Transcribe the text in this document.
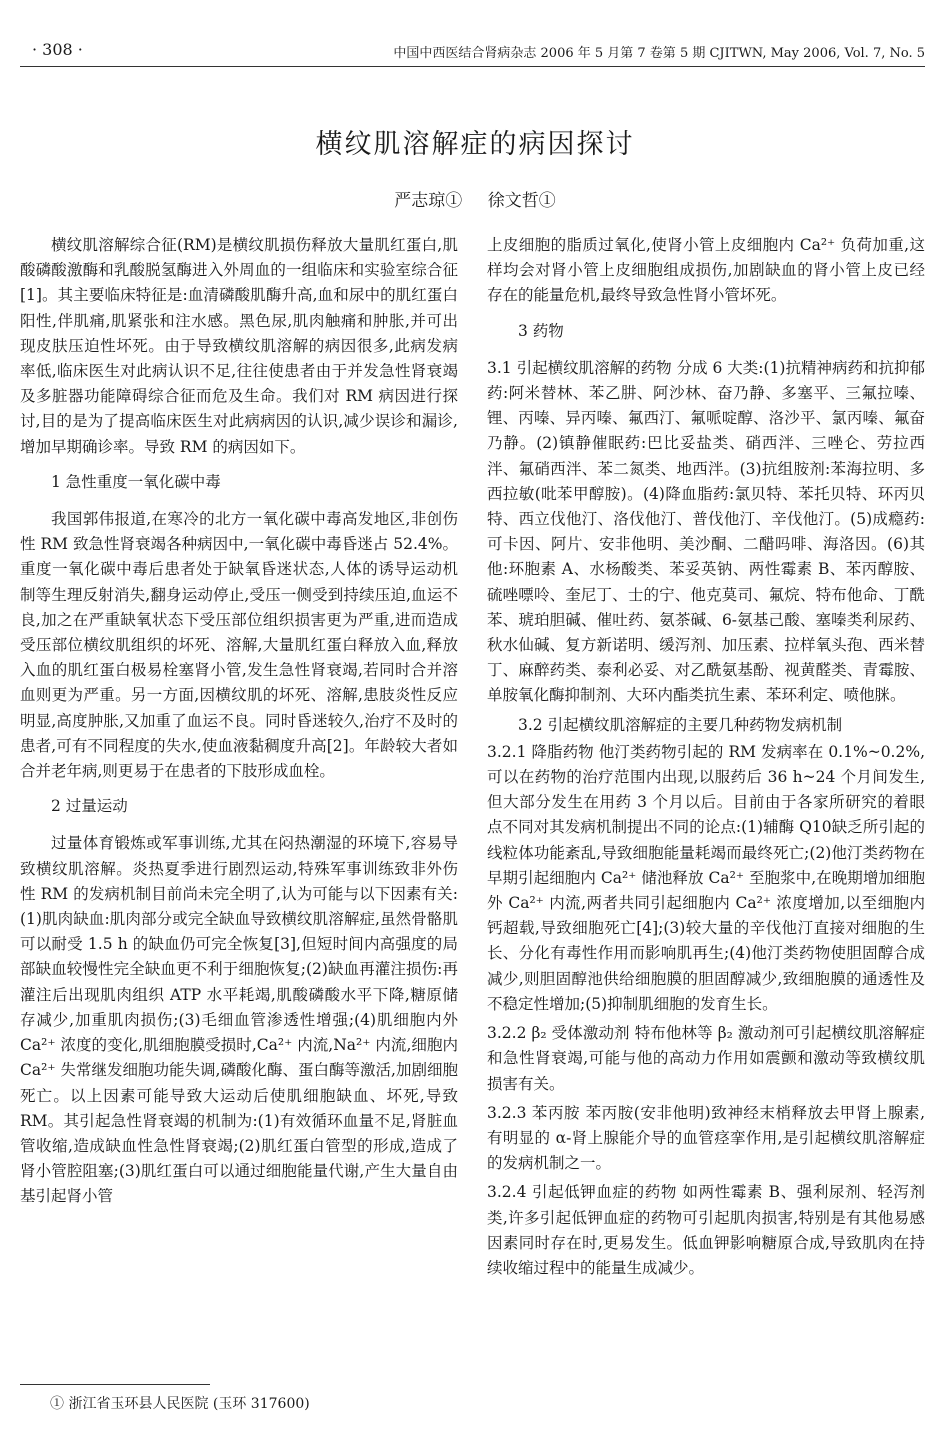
· 308 ·	中国中西医结合肾病杂志 2006 年 5 月第 7 卷第 5 期 CJITWN, May 2006, Vol. 7, No. 5
横纹肌溶解症的病因探讨
严志琼① 徐文哲①

横纹肌溶解综合征(RM)是横纹肌损伤释放大量肌红蛋白,肌酸磷酸激酶和乳酸脱氢酶进入外周血的一组临床和实验室综合征[1]。其主要临床特征是:血清磷酸肌酶升高,血和尿中的肌红蛋白阳性,伴肌痛,肌紧张和注水感。黑色尿,肌肉触痛和肿胀,并可出现皮肤压迫性坏死。由于导致横纹肌溶解的病因很多,此病发病率低,临床医生对此病认识不足,往往使患者由于并发急性肾衰竭及多脏器功能障碍综合征而危及生命。我们对 RM 病因进行探讨,目的是为了提高临床医生对此病病因的认识,减少误诊和漏诊,增加早期确诊率。导致 RM 的病因如下。

1 急性重度一氧化碳中毒

我国郭伟报道,在寒冷的北方一氧化碳中毒高发地区,非创伤性 RM 致急性肾衰竭各种病因中,一氧化碳中毒昏迷占 52.4%。重度一氧化碳中毒后患者处于缺氧昏迷状态,人体的诱导运动机制等生理反射消失,翻身运动停止,受压一侧受到持续压迫,血运不良,加之在严重缺氧状态下受压部位组织损害更为严重,进而造成受压部位横纹肌组织的坏死、溶解,大量肌红蛋白释放入血,释放入血的肌红蛋白极易栓塞肾小管,发生急性肾衰竭,若同时合并溶血则更为严重。另一方面,因横纹肌的坏死、溶解,患肢炎性反应明显,高度肿胀,又加重了血运不良。同时昏迷较久,治疗不及时的患者,可有不同程度的失水,使血液黏稠度升高[2]。年龄较大者如合并老年病,则更易于在患者的下肢形成血栓。

2 过量运动

过量体育锻炼或军事训练,尤其在闷热潮湿的环境下,容易导致横纹肌溶解。炎热夏季进行剧烈运动,特殊军事训练致非外伤性 RM 的发病机制目前尚未完全明了,认为可能与以下因素有关:(1)肌肉缺血:肌肉部分或完全缺血导致横纹肌溶解症,虽然骨骼肌可以耐受 1.5 h 的缺血仍可完全恢复[3],但短时间内高强度的局部缺血较慢性完全缺血更不利于细胞恢复;(2)缺血再灌注损伤:再灌注后出现肌肉组织 ATP 水平耗竭,肌酸磷酸水平下降,糖原储存减少,加重肌肉损伤;(3)毛细血管渗透性增强;(4)肌细胞内外 Ca²⁺ 浓度的变化,肌细胞膜受损时,Ca²⁺ 内流,Na²⁺ 内流,细胞内 Ca²⁺ 失常继发细胞功能失调,磷酸化酶、蛋白酶等激活,加剧细胞死亡。以上因素可能导致大运动后使肌细胞缺血、坏死,导致 RM。其引起急性肾衰竭的机制为:(1)有效循环血量不足,肾脏血管收缩,造成缺血性急性肾衰竭;(2)肌红蛋白管型的形成,造成了肾小管腔阻塞;(3)肌红蛋白可以通过细胞能量代谢,产生大量自由基引起肾小管

上皮细胞的脂质过氧化,使肾小管上皮细胞内 Ca²⁺ 负荷加重,这样均会对肾小管上皮细胞组成损伤,加剧缺血的肾小管上皮已经存在的能量危机,最终导致急性肾小管坏死。

3 药物

3.1 引起横纹肌溶解的药物 分成 6 大类:(1)抗精神病药和抗抑郁药:阿米替林、苯乙肼、阿沙林、奋乃静、多塞平、三氟拉嗪、锂、丙嗪、异丙嗪、氟西汀、氟哌啶醇、洛沙平、氯丙嗪、氟奋乃静。(2)镇静催眠药:巴比妥盐类、硝西泮、三唑仑、劳拉西泮、氟硝西泮、苯二氮类、地西泮。(3)抗组胺剂:苯海拉明、多西拉敏(吡苯甲醇胺)。(4)降血脂药:氯贝特、苯托贝特、环丙贝特、西立伐他汀、洛伐他汀、普伐他汀、辛伐他汀。(5)成瘾药:可卡因、阿片、安非他明、美沙酮、二醋吗啡、海洛因。(6)其他:环胞素 A、水杨酸类、苯妥英钠、两性霉素 B、苯丙醇胺、硫唑嘌呤、奎尼丁、士的宁、他克莫司、氟烷、特布他命、丁酰苯、琥珀胆碱、催吐药、氨茶碱、6-氨基己酸、塞嗪类利尿药、秋水仙碱、复方新诺明、缓泻剂、加压素、拉样氧头孢、西米替丁、麻醉药类、泰利必妥、对乙酰氨基酚、视黄醛类、青霉胺、单胺氧化酶抑制剂、大环内酯类抗生素、苯环利定、喷他脒。

3.2 引起横纹肌溶解症的主要几种药物发病机制

3.2.1 降脂药物 他汀类药物引起的 RM 发病率在 0.1%~0.2%,可以在药物的治疗范围内出现,以服药后 36 h~24 个月间发生,但大部分发生在用药 3 个月以后。目前由于各家所研究的着眼点不同对其发病机制提出不同的论点:(1)辅酶 Q10缺乏所引起的线粒体功能紊乱,导致细胞能量耗竭而最终死亡;(2)他汀类药物在早期引起细胞内 Ca²⁺ 储池释放 Ca²⁺ 至胞浆中,在晚期增加细胞外 Ca²⁺ 内流,两者共同引起细胞内 Ca²⁺ 浓度增加,以至细胞内钙超载,导致细胞死亡[4];(3)较大量的辛伐他汀直接对细胞的生长、分化有毒性作用而影响肌再生;(4)他汀类药物使胆固醇合成减少,则胆固醇池供给细胞膜的胆固醇减少,致细胞膜的通透性及不稳定性增加;(5)抑制肌细胞的发育生长。

3.2.2 β₂ 受体激动剂 特布他林等 β₂ 激动剂可引起横纹肌溶解症和急性肾衰竭,可能与他的高动力作用如震颤和激动等致横纹肌损害有关。

3.2.3 苯丙胺 苯丙胺(安非他明)致神经末梢释放去甲肾上腺素,有明显的 α-肾上腺能介导的血管痉挛作用,是引起横纹肌溶解症的发病机制之一。

3.2.4 引起低钾血症的药物 如两性霉素 B、强利尿剂、轻泻剂类,许多引起低钾血症的药物可引起肌肉损害,特别是有其他易感因素同时存在时,更易发生。低血钾影响糖原合成,导致肌肉在持续收缩过程中的能量生成减少。

① 浙江省玉环县人民医院 (玉环 317600)
